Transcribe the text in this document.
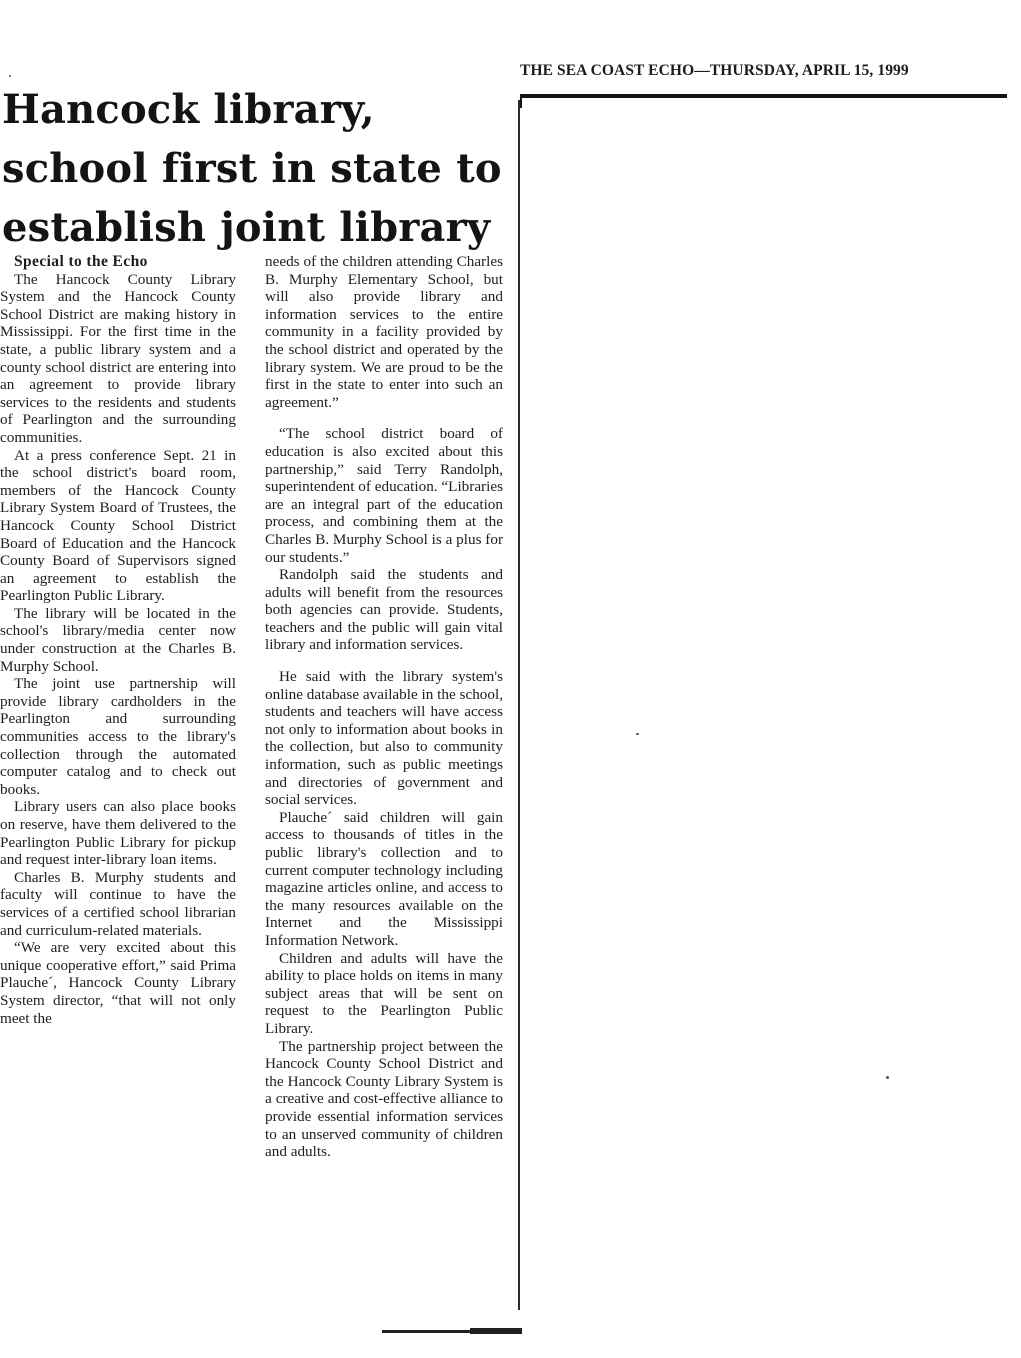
THE SEA COAST ECHO—THURSDAY, APRIL 15, 1999
Hancock library,
school first in state to
establish joint library

Special to the Echo

The Hancock County Library System and the Hancock County School District are making history in Mississippi. For the first time in the state, a public library system and a county school district are entering into an agreement to provide library services to the residents and students of Pearlington and the surrounding communities.

At a press conference Sept. 21 in the school district's board room, members of the Hancock County Library System Board of Trustees, the Hancock County School District Board of Education and the Hancock County Board of Supervisors signed an agreement to establish the Pearlington Public Library.

The library will be located in the school's library/media center now under construction at the Charles B. Murphy School.

The joint use partnership will provide library cardholders in the Pearlington and surrounding communities access to the library's collection through the automated computer catalog and to check out books.

Library users can also place books on reserve, have them delivered to the Pearlington Public Library for pickup and request inter-library loan items.

Charles B. Murphy students and faculty will continue to have the services of a certified school librarian and curriculum-related materials.

“We are very excited about this unique cooperative effort,” said Prima Plauche´, Hancock County Library System director, “that will not only meet the

needs of the children attending Charles B. Murphy Elementary School, but will also provide library and information services to the entire community in a facility provided by the school district and operated by the library system. We are proud to be the first in the state to enter into such an agreement.”

“The school district board of education is also excited about this partnership,” said Terry Randolph, superintendent of education. “Libraries are an integral part of the education process, and combining them at the Charles B. Murphy School is a plus for our students.”

Randolph said the students and adults will benefit from the resources both agencies can provide. Students, teachers and the public will gain vital library and information services.

He said with the library system's online database available in the school, students and teachers will have access not only to information about books in the collection, but also to community information, such as public meetings and directories of government and social services.

Plauche´ said children will gain access to thousands of titles in the public library's collection and to current computer technology including magazine articles online, and access to the many resources available on the Internet and the Mississippi Information Network.

Children and adults will have the ability to place holds on items in many subject areas that will be sent on request to the Pearlington Public Library.

The partnership project between the Hancock County School District and the Hancock County Library System is a creative and cost-effective alliance to provide essential information services to an unserved community of children and adults.
